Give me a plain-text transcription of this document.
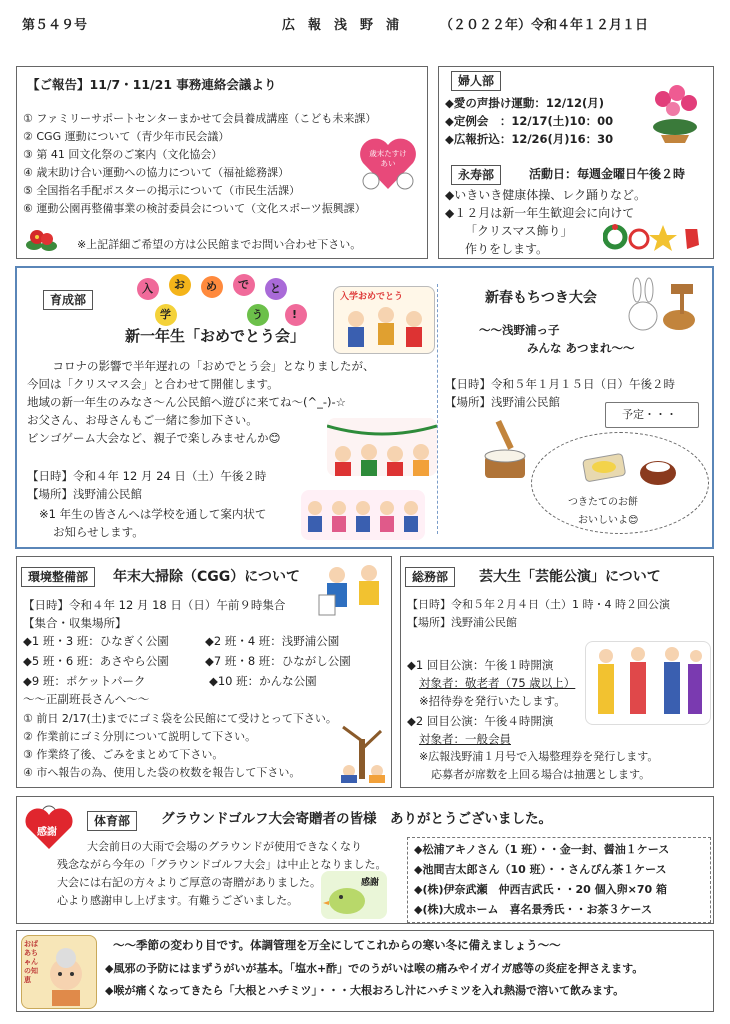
第５４９号	広　報　浅　野　浦	（２０２２年）令和４年１２月１日
【ご報告】11/7・11/21 事務連絡会議より
① ファミリーサポートセンターまかせて会員養成講座（こども未来課）
② CGG 運動について（青少年市民会議）
③ 第 41 回文化祭のご案内（文化協会）
④ 歳末助け合い運動への協力について（福祉総務課）
⑤ 全国指名手配ポスターの掲示について（市民生活課）
⑥ 運動公園再整備事業の検討委員会について（文化スポーツ振興課）
※上記詳細ご希望の方は公民館までお問い合わせ下さい。
歳末たすけあい
婦人部
◆愛の声掛け運動：12/12(月)
◆定例会　：12/17(土)10：00
◆広報折込：12/26(月)16：30
永寿部	活動日：毎週金曜日午後２時
◆いきいき健康体操、レク踊りなど。
◆１２月は新一年生歓迎会に向けて
「クリスマス飾り」
作りをします。
育成部
入 お め で と
学	う	!
入学おめでとう
新一年生「おめでとう会」
　コロナの影響で半年遅れの「おめでとう会」となりましたが、
今回は「クリスマス会」と合わせて開催します。
地域の新一年生のみなさ～ん公民館へ遊びに来てね～(^_-)-☆
お父さん、お母さんもご一緒に参加下さい。
ビンゴゲーム大会など、親子で楽しみませんか😊
【日時】令和４年 12 月 24 日（土）午後２時
【場所】浅野浦公民館
※1 年生の皆さんへは学校を通して案内状て
お知らせします。
新春もちつき大会
～～浅野浦っ子
みんな あつまれ～～
【日時】令和５年１月１５日（日）午後２時
【場所】浅野浦公民館
予定・・・
つきたてのお餅
おいしいよ😊
環境整備部	年末大掃除（CGG）について
【日時】令和４年 12 月 18 日（日）午前９時集合
【集合・収集場所】
◆1 班・3 班：ひなぎく公園	◆2 班・4 班：浅野浦公園
◆5 班・6 班：あさやら公園	◆7 班・8 班：ひながし公園
◆9 班：ポケットパーク	◆10 班：かんな公園
～～正副班長さんへ～～
① 前日 2/17(土)までにゴミ袋を公民館にて受けとって下さい。
② 作業前にゴミ分別について説明して下さい。
③ 作業終了後、ごみをまとめて下さい。
④ 市へ報告の為、使用した袋の枚数を報告して下さい。
総務部	芸大生「芸能公演」について
【日時】令和５年２月４日（土）1 時・4 時２回公演
【場所】浅野浦公民館
◆1 回目公演：午後１時開演
対象者：敬老者（75 歳以上）
※招待券を発行いたします。
◆2 回目公演：午後４時開演
対象者：一般会員
※広報浅野浦１月号で入場整理券を発行します。
応募者が席数を上回る場合は抽選とします。
感謝
体育部	グラウンドゴルフ大会寄贈者の皆様　ありがとうございました。
大会前日の大雨で会場のグラウンドが使用できなくなり
残念ながら今年の「グラウンドゴルフ大会」は中止となりました。
大会には右記の方々よりご厚意の寄贈がありました。
心より感謝申し上げます。有難うございました。
感謝
◆松浦アキノさん（1 班）・・金一封、醤油１ケース
◆池間吉太郎さん（10 班）・・さんぴん茶１ケース
◆(株)伊奈武瀬　仲西吉武氏・・20 個入卵×70 箱
◆(株)大成ホーム　喜名景秀氏・・お茶３ケース
おばあちゃんの知恵
～～季節の変わり目です。体調管理を万全にしてこれからの寒い冬に備えましょう～～
◆風邪の予防にはまずうがいが基本。「塩水+酢」でのうがいは喉の痛みやイガイガ感等の炎症を押さえます。
◆喉が痛くなってきたら「大根とハチミツ」・・・大根おろし汁にハチミツを入れ熱湯で溶いて飲みます。
